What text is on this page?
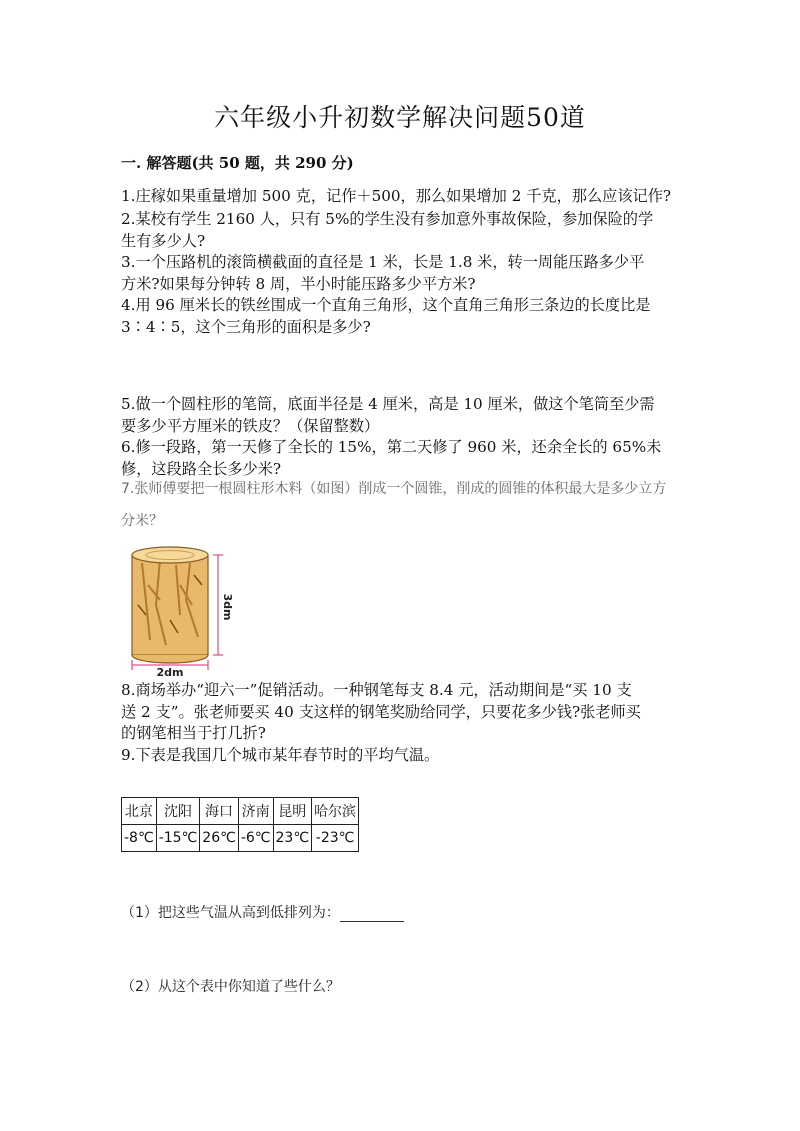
六年级小升初数学解决问题50道
一. 解答题(共 50 题，共 290 分)
1.庄稼如果重量增加 500 克，记作＋500，那么如果增加 2 千克，那么应该记作?
2.某校有学生 2160 人，只有 5%的学生没有参加意外事故保险，参加保险的学
生有多少人?
3.一个压路机的滚筒横截面的直径是 1 米，长是 1.8 米，转一周能压路多少平
方米?如果每分钟转 8 周，半小时能压路多少平方米?
4.用 96 厘米长的铁丝围成一个直角三角形，这个直角三角形三条边的长度比是
3∶4∶5，这个三角形的面积是多少?
5.做一个圆柱形的笔筒，底面半径是 4 厘米，高是 10 厘米，做这个笔筒至少需
要多少平方厘米的铁皮？（保留整数）
6.修一段路，第一天修了全长的 15%，第二天修了 960 米，还余全长的 65%未
修，这段路全长多少米?
7.张师傅要把一根圆柱形木料（如图）削成一个圆锥，削成的圆锥的体积最大是多少立方
分米？
3dm
2dm
8.商场举办“迎六一”促销活动。一种钢笔每支 8.4 元，活动期间是“买 10 支
送 2 支”。张老师要买 40 支这样的钢笔奖励给同学，只要花多少钱?张老师买
的钢笔相当于打几折?
9.下表是我国几个城市某年春节时的平均气温。
北京	沈阳	海口	济南	昆明	哈尔滨
-8℃	-15℃	26℃	-6℃	23℃	-23℃
（1）把这些气温从高到低排列为：
（2）从这个表中你知道了些什么？
